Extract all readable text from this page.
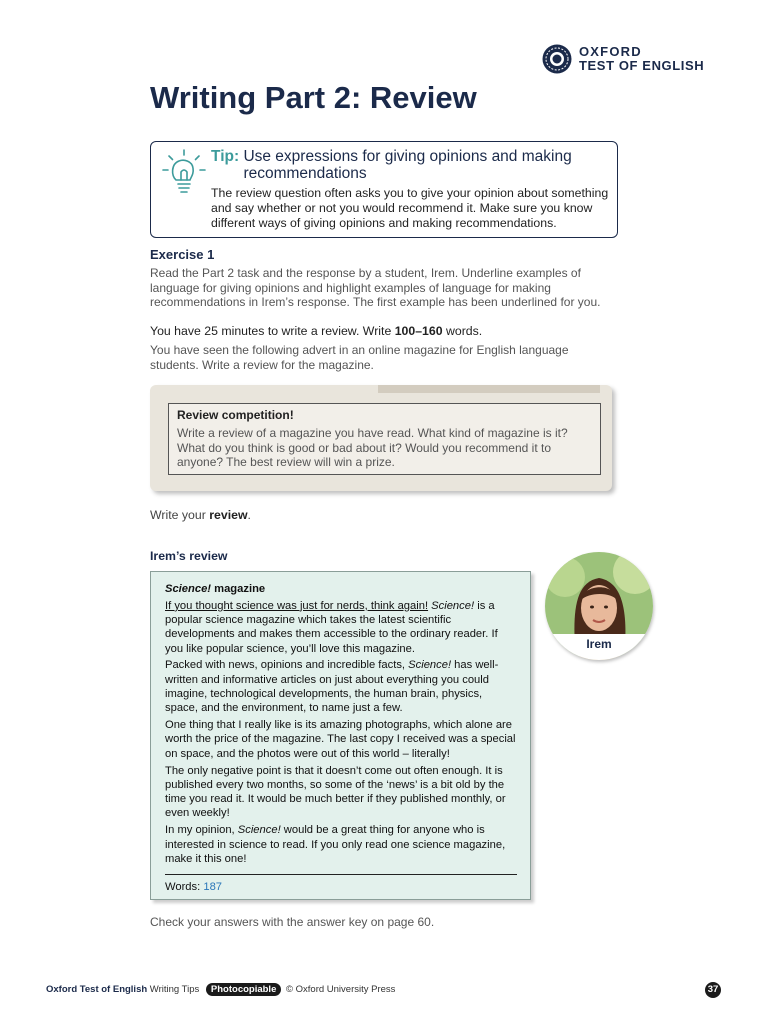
OXFORD
TEST OF ENGLISH
Writing Part 2: Review
Tip: Use expressions for giving opinions and making recommendations
The review question often asks you to give your opinion about something and say whether or not you would recommend it. Make sure you know different ways of giving opinions and making recommendations.
Exercise 1
Read the Part 2 task and the response by a student, Irem. Underline examples of language for giving opinions and highlight examples of language for making recommendations in Irem’s response. The first example has been underlined for you.
You have 25 minutes to write a review. Write 100–160 words.
You have seen the following advert in an online magazine for English language students. Write a review for the magazine.
Review competition!
Write a review of a magazine you have read. What kind of magazine is it? What do you think is good or bad about it? Would you recommend it to anyone? The best review will win a prize.
Write your review.
Irem’s review

Science! magazine

If you thought science was just for nerds, think again! Science! is a popular science magazine which takes the latest scientific developments and makes them accessible to the ordinary reader. If you like popular science, you’ll love this magazine.

Packed with news, opinions and incredible facts, Science! has well-written and informative articles on just about everything you could imagine, technological developments, the human brain, physics, space, and the environment, to name just a few.

One thing that I really like is its amazing photographs, which alone are worth the price of the magazine. The last copy I received was a special on space, and the photos were out of this world – literally!

The only negative point is that it doesn’t come out often enough. It is published every two months, so some of the ‘news’ is a bit old by the time you read it. It would be much better if they published monthly, or even weekly!

In my opinion, Science! would be a great thing for anyone who is interested in science to read. If you only read one science magazine, make it this one!

Words: 187
Irem
Check your answers with the answer key on page 60.
Oxford Test of English Writing Tips Photocopiable © Oxford University Press	37
